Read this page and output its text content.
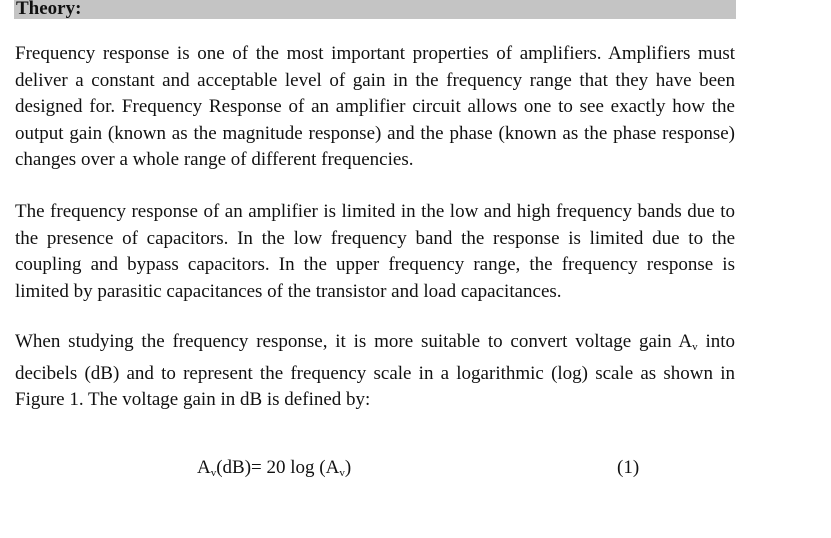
Theory:

Frequency response is one of the most important properties of amplifiers. Amplifiers must deliver a constant and acceptable level of gain in the frequency range that they have been designed for. Frequency Response of an amplifier circuit allows one to see exactly how the output gain (known as the magnitude response) and the phase (known as the phase response) changes over a whole range of different frequencies.

The frequency response of an amplifier is limited in the low and high frequency bands due to the presence of capacitors. In the low frequency band the response is limited due to the coupling and bypass capacitors. In the upper frequency range, the frequency response is limited by parasitic capacitances of the transistor and load capacitances.

When studying the frequency response, it is more suitable to convert voltage gain $A_v$ into decibels (dB) and to represent the frequency scale in a logarithmic (log) scale as shown in Figure 1. The voltage gain in dB is defined by:

$A_v(dB)= 20$ $\log (A_v)$	(1)
